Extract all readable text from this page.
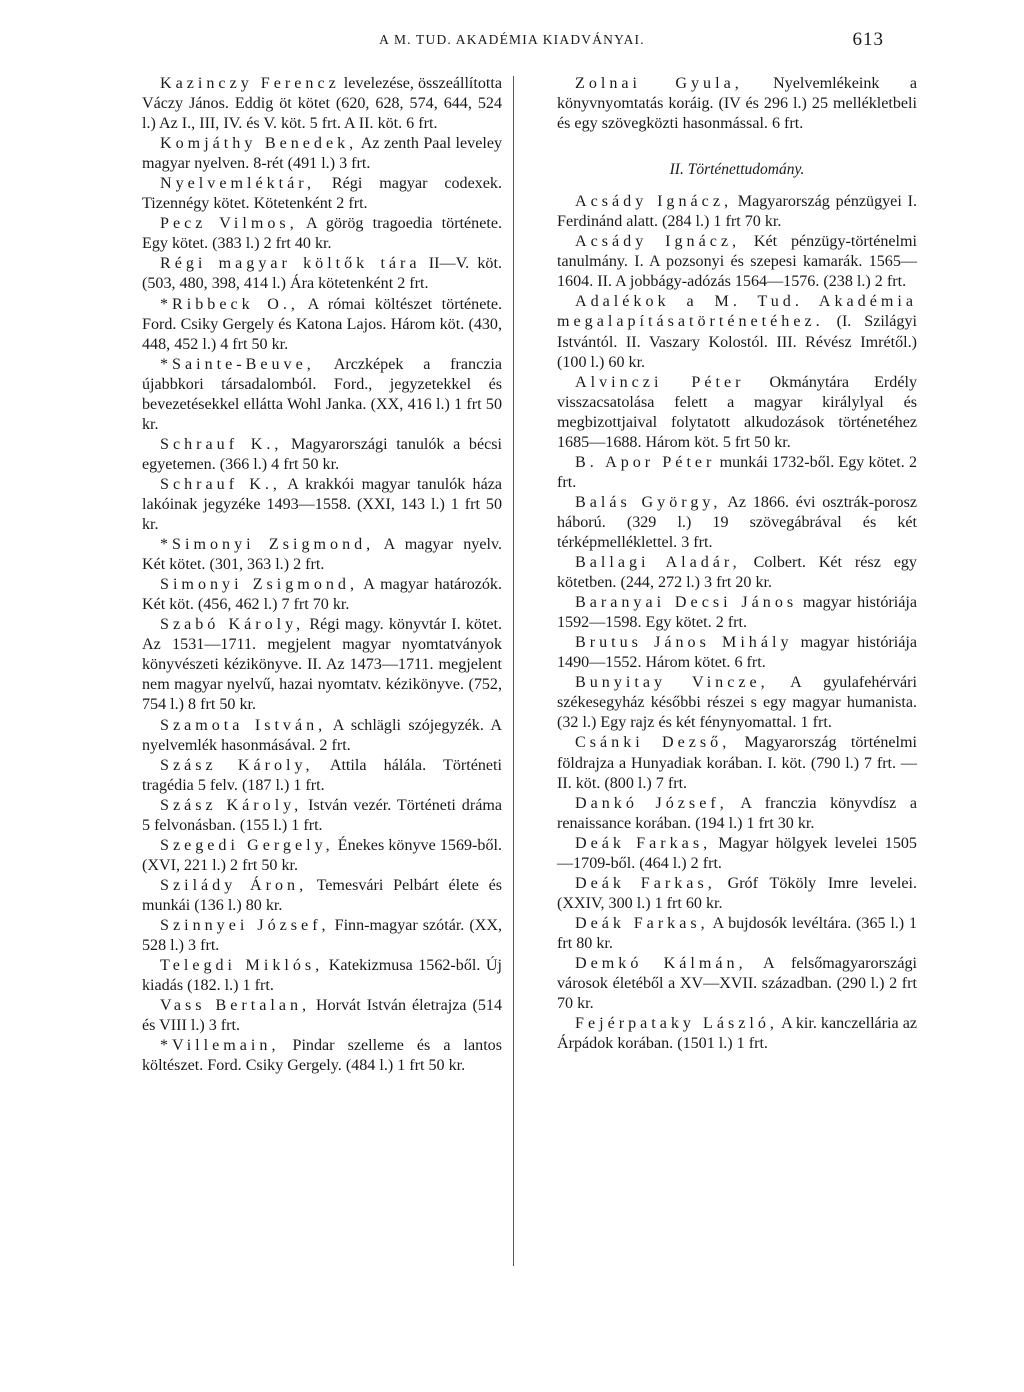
A M. TUD. AKADÉMIA KIADVÁNYAI.	613

Kazinczy Ferencz levelezése, összeállította Váczy János. Eddig öt kötet (620, 628, 574, 644, 524 l.) Az I., III, IV. és V. köt. 5 frt. A II. köt. 6 frt.

Komjáthy Benedek, Az zenth Paal leveley magyar nyelven. 8-rét (491 l.) 3 frt.

Nyelvemléktár, Régi magyar codexek. Tizennégy kötet. Kötetenként 2 frt.

Pecz Vilmos, A görög tragoedia története. Egy kötet. (383 l.) 2 frt 40 kr.

Régi magyar költők tára II—V. köt. (503, 480, 398, 414 l.) Ára kötetenként 2 frt.

*Ribbeck O., A római költészet története. Ford. Csiky Gergely és Katona Lajos. Három köt. (430, 448, 452 l.) 4 frt 50 kr.

*Sainte-Beuve, Arczképek a franczia újabbkori társadalomból. Ford., jegyzetekkel és bevezetésekkel ellátta Wohl Janka. (XX, 416 l.) 1 frt 50 kr.

Schrauf K., Magyarországi tanulók a bécsi egyetemen. (366 l.) 4 frt 50 kr.

Schrauf K., A krakkói magyar tanulók háza lakóinak jegyzéke 1493—1558. (XXI, 143 l.) 1 frt 50 kr.

*Simonyi Zsigmond, A magyar nyelv. Két kötet. (301, 363 l.) 2 frt.

Simonyi Zsigmond, A magyar határozók. Két köt. (456, 462 l.) 7 frt 70 kr.

Szabó Károly, Régi magy. könyvtár I. kötet. Az 1531—1711. megjelent magyar nyomtatványok könyvészeti kézikönyve. II. Az 1473—1711. megjelent nem magyar nyelvű, hazai nyomtatv. kézikönyve. (752, 754 l.) 8 frt 50 kr.

Szamota István, A schlägli szójegyzék. A nyelvemlék hasonmásával. 2 frt.

Szász Károly, Attila hálála. Történeti tragédia 5 felv. (187 l.) 1 frt.

Szász Károly, István vezér. Történeti dráma 5 felvonásban. (155 l.) 1 frt.

Szegedi Gergely, Énekes könyve 1569-ből. (XVI, 221 l.) 2 frt 50 kr.

Szilády Áron, Temesvári Pelbárt élete és munkái (136 l.) 80 kr.

Szinnyei József, Finn-magyar szótár. (XX, 528 l.) 3 frt.

Telegdi Miklós, Katekizmusa 1562-ből. Új kiadás (182. l.) 1 frt.

Vass Bertalan, Horvát István életrajza (514 és VIII l.) 3 frt.

*Villemain, Pindar szelleme és a lantos költészet. Ford. Csiky Gergely. (484 l.) 1 frt 50 kr.

Zolnai Gyula, Nyelvemlékeink a könyvnyomtatás koráig. (IV és 296 l.) 25 mellékletbeli és egy szövegközti hasonmással. 6 frt.

II. Történettudomány.

Acsády Ignácz, Magyarország pénzügyei I. Ferdinánd alatt. (284 l.) 1 frt 70 kr.

Acsády Ignácz, Két pénzügy-történelmi tanulmány. I. A pozsonyi és szepesi kamarák. 1565—1604. II. A jobbágy-adózás 1564—1576. (238 l.) 2 frt.

Adalékok a M. Tud. Akadémia megalapításatörténetéhez. (I. Szilágyi Istvántól. II. Vaszary Kolostól. III. Révész Imrétől.) (100 l.) 60 kr.

Alvinczi Péter Okmánytára Erdély visszacsatolása felett a magyar királylyal és megbizottjaival folytatott alkudozások történetéhez 1685—1688. Három köt. 5 frt 50 kr.

B. Apor Péter munkái 1732-ből. Egy kötet. 2 frt.

Balás György, Az 1866. évi osztrák-porosz háború. (329 l.) 19 szövegábrával és két térképmelléklettel. 3 frt.

Ballagi Aladár, Colbert. Két rész egy kötetben. (244, 272 l.) 3 frt 20 kr.

Baranyai Decsi János magyar históriája 1592—1598. Egy kötet. 2 frt.

Brutus János Mihály magyar históriája 1490—1552. Három kötet. 6 frt.

Bunyitay Vincze, A gyulafehérvári székesegyház későbbi részei s egy magyar humanista. (32 l.) Egy rajz és két fénynyomattal. 1 frt.

Csánki Dezső, Magyarország történelmi földrajza a Hunyadiak korában. I. köt. (790 l.) 7 frt. — II. köt. (800 l.) 7 frt.

Dankó József, A franczia könyvdísz a renaissance korában. (194 l.) 1 frt 30 kr.

Deák Farkas, Magyar hölgyek levelei 1505—1709-ből. (464 l.) 2 frt.

Deák Farkas, Gróf Tököly Imre levelei. (XXIV, 300 l.) 1 frt 60 kr.

Deák Farkas, A bujdosók levéltára. (365 l.) 1 frt 80 kr.

Demkó Kálmán, A felsőmagyarországi városok életéből a XV—XVII. században. (290 l.) 2 frt 70 kr.

Fejérpataky László, A kir. kanczellária az Árpádok korában. (1501 l.) 1 frt.
